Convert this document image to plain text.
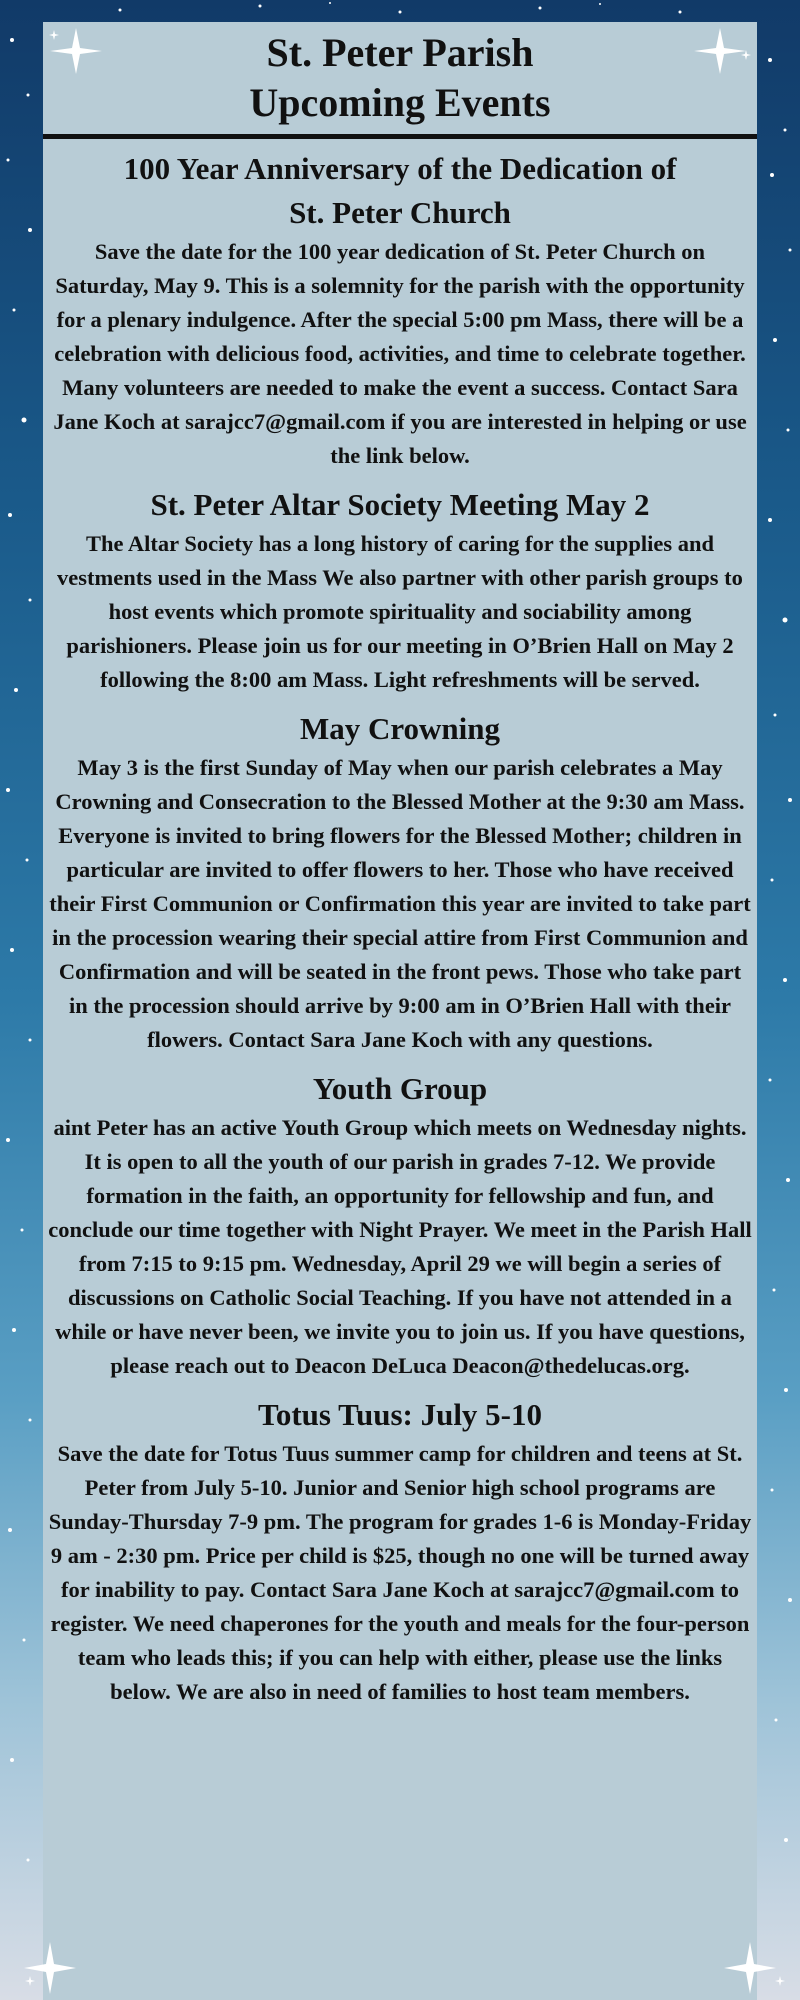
St. Peter Parish
Upcoming Events
100 Year Anniversary of the Dedication of
St. Peter Church

Save the date for the 100 year dedication of St. Peter Church on Saturday, May 9. This is a solemnity for the parish with the opportunity for a plenary indulgence. After the special 5:00 pm Mass, there will be a celebration with delicious food, activities, and time to celebrate together. Many volunteers are needed to make the event a success. Contact Sara Jane Koch at sarajcc7@gmail.com if you are interested in helping or use the link below.

St. Peter Altar Society Meeting May 2

The Altar Society has a long history of caring for the supplies and vestments used in the Mass We also partner with other parish groups to host events which promote spirituality and sociability among parishioners. Please join us for our meeting in O’Brien Hall on May 2 following the 8:00 am Mass. Light refreshments will be served.

May Crowning

May 3 is the first Sunday of May when our parish celebrates a May Crowning and Consecration to the Blessed Mother at the 9:30 am Mass. Everyone is invited to bring flowers for the Blessed Mother; children in particular are invited to offer flowers to her. Those who have received their First Communion or Confirmation this year are invited to take part in the procession wearing their special attire from First Communion and Confirmation and will be seated in the front pews. Those who take part in the procession should arrive by 9:00 am in O’Brien Hall with their flowers. Contact Sara Jane Koch with any questions.

Youth Group

aint Peter has an active Youth Group which meets on Wednesday nights. It is open to all the youth of our parish in grades 7-12. We provide formation in the faith, an opportunity for fellowship and fun, and conclude our time together with Night Prayer. We meet in the Parish Hall from 7:15 to 9:15 pm. Wednesday, April 29 we will begin a series of discussions on Catholic Social Teaching. If you have not attended in a while or have never been, we invite you to join us. If you have questions, please reach out to Deacon DeLuca Deacon@thedelucas.org.

Totus Tuus: July 5-10

Save the date for Totus Tuus summer camp for children and teens at St. Peter from July 5-10. Junior and Senior high school programs are Sunday-Thursday 7-9 pm. The program for grades 1-6 is Monday-Friday 9 am - 2:30 pm. Price per child is $25, though no one will be turned away for inability to pay. Contact Sara Jane Koch at sarajcc7@gmail.com to register. We need chaperones for the youth and meals for the four-person team who leads this; if you can help with either, please use the links below. We are also in need of families to host team members.
